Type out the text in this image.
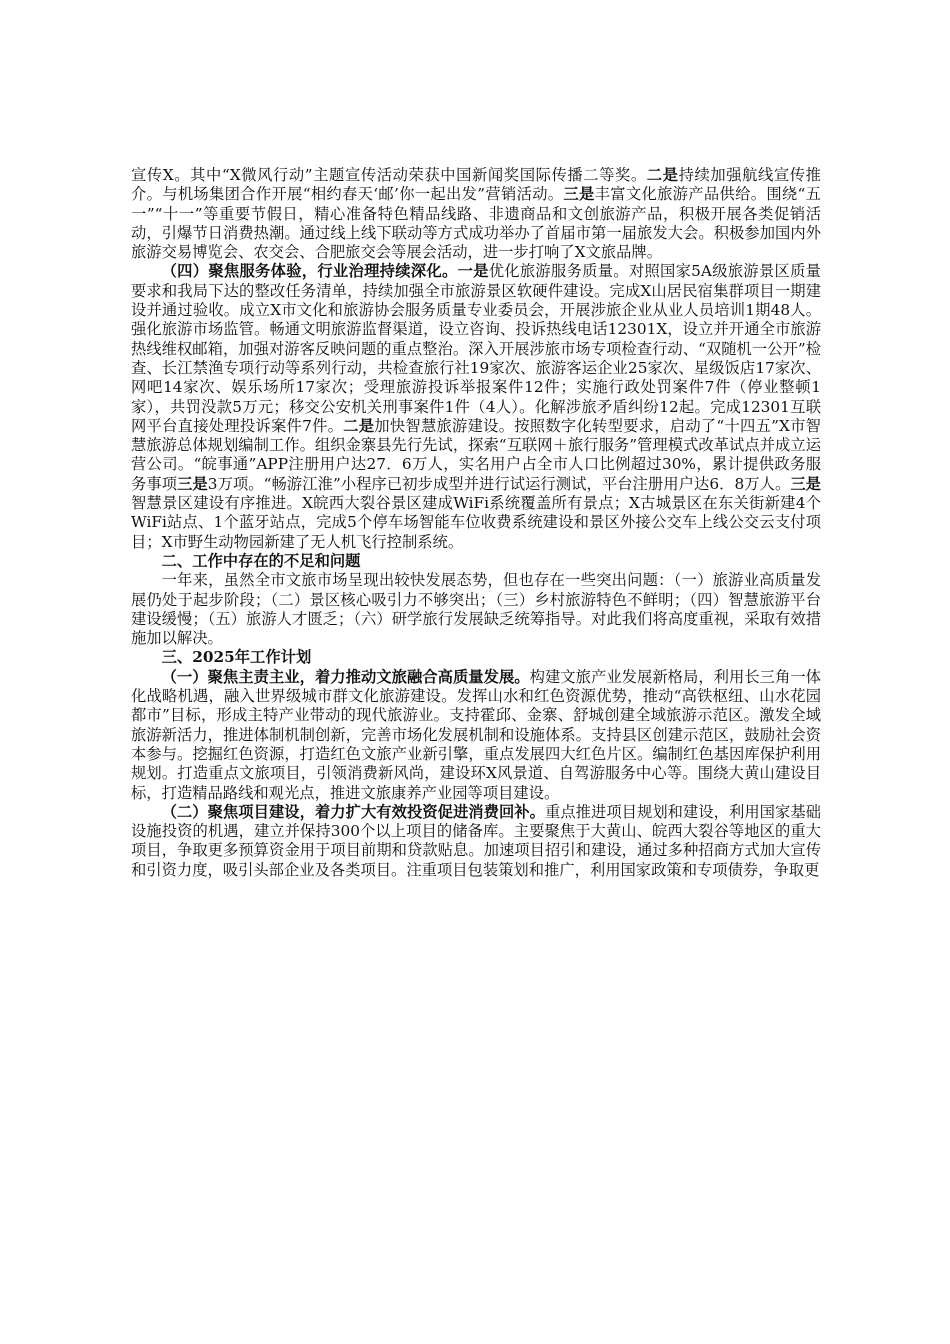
宣传X。其中“X微风行动”主题宣传活动荣获中国新闻奖国际传播二等奖。二是持续加强航线宣传推介。与机场集团合作开展“相约春天‘邮’你一起出发”营销活动。三是丰富文化旅游产品供给。围绕“五一”“十一”等重要节假日，精心准备特色精品线路、非遗商品和文创旅游产品，积极开展各类促销活动，引爆节日消费热潮。通过线上线下联动等方式成功举办了首届市第一届旅发大会。积极参加国内外旅游交易博览会、农交会、合肥旅交会等展会活动，进一步打响了X文旅品牌。

（四）聚焦服务体验，行业治理持续深化。一是优化旅游服务质量。对照国家5A级旅游景区质量要求和我局下达的整改任务清单，持续加强全市旅游景区软硬件建设。完成X山居民宿集群项目一期建设并通过验收。成立X市文化和旅游协会服务质量专业委员会，开展涉旅企业从业人员培训1期48人。强化旅游市场监管。畅通文明旅游监督渠道，设立咨询、投诉热线电话12301X，设立并开通全市旅游热线维权邮箱，加强对游客反映问题的重点整治。深入开展涉旅市场专项检查行动、“双随机一公开”检查、长江禁渔专项行动等系列行动，共检查旅行社19家次、旅游客运企业25家次、星级饭店17家次、网吧14家次、娱乐场所17家次；受理旅游投诉举报案件12件；实施行政处罚案件7件（停业整顿1家），共罚没款5万元；移交公安机关刑事案件1件（4人）。化解涉旅矛盾纠纷12起。完成12301互联网平台直接处理投诉案件7件。二是加快智慧旅游建设。按照数字化转型要求，启动了“十四五”X市智慧旅游总体规划编制工作。组织金寨县先行先试，探索“互联网＋旅行服务”管理模式改革试点并成立运营公司。“皖事通”APP注册用户达27．6万人，实名用户占全市人口比例超过30%，累计提供政务服务事项三是3万项。“畅游江淮”小程序已初步成型并进行试运行测试，平台注册用户达6．8万人。三是智慧景区建设有序推进。X皖西大裂谷景区建成WiFi系统覆盖所有景点；X古城景区在东关街新建4个WiFi站点、1个蓝牙站点，完成5个停车场智能车位收费系统建设和景区外接公交车上线公交云支付项目；X市野生动物园新建了无人机飞行控制系统。

二、工作中存在的不足和问题

一年来，虽然全市文旅市场呈现出较快发展态势，但也存在一些突出问题：（一）旅游业高质量发展仍处于起步阶段；（二）景区核心吸引力不够突出；（三）乡村旅游特色不鲜明；（四）智慧旅游平台建设缓慢；（五）旅游人才匮乏；（六）研学旅行发展缺乏统筹指导。对此我们将高度重视，采取有效措施加以解决。

三、2025年工作计划

（一）聚焦主责主业，着力推动文旅融合高质量发展。构建文旅产业发展新格局，利用长三角一体化战略机遇，融入世界级城市群文化旅游建设。发挥山水和红色资源优势，推动“高铁枢纽、山水花园都市”目标，形成主特产业带动的现代旅游业。支持霍邱、金寨、舒城创建全域旅游示范区。激发全域旅游新活力，推进体制机制创新，完善市场化发展机制和设施体系。支持县区创建示范区，鼓励社会资本参与。挖掘红色资源，打造红色文旅产业新引擎，重点发展四大红色片区。编制红色基因库保护利用规划。打造重点文旅项目，引领消费新风尚，建设环X风景道、自驾游服务中心等。围绕大黄山建设目标，打造精品路线和观光点，推进文旅康养产业园等项目建设。

（二）聚焦项目建设，着力扩大有效投资促进消费回补。重点推进项目规划和建设，利用国家基础设施投资的机遇，建立并保持300个以上项目的储备库。主要聚焦于大黄山、皖西大裂谷等地区的重大项目，争取更多预算资金用于项目前期和贷款贴息。加速项目招引和建设，通过多种招商方式加大宣传和引资力度，吸引头部企业及各类项目。注重项目包装策划和推广，利用国家政策和专项债券，争取更
